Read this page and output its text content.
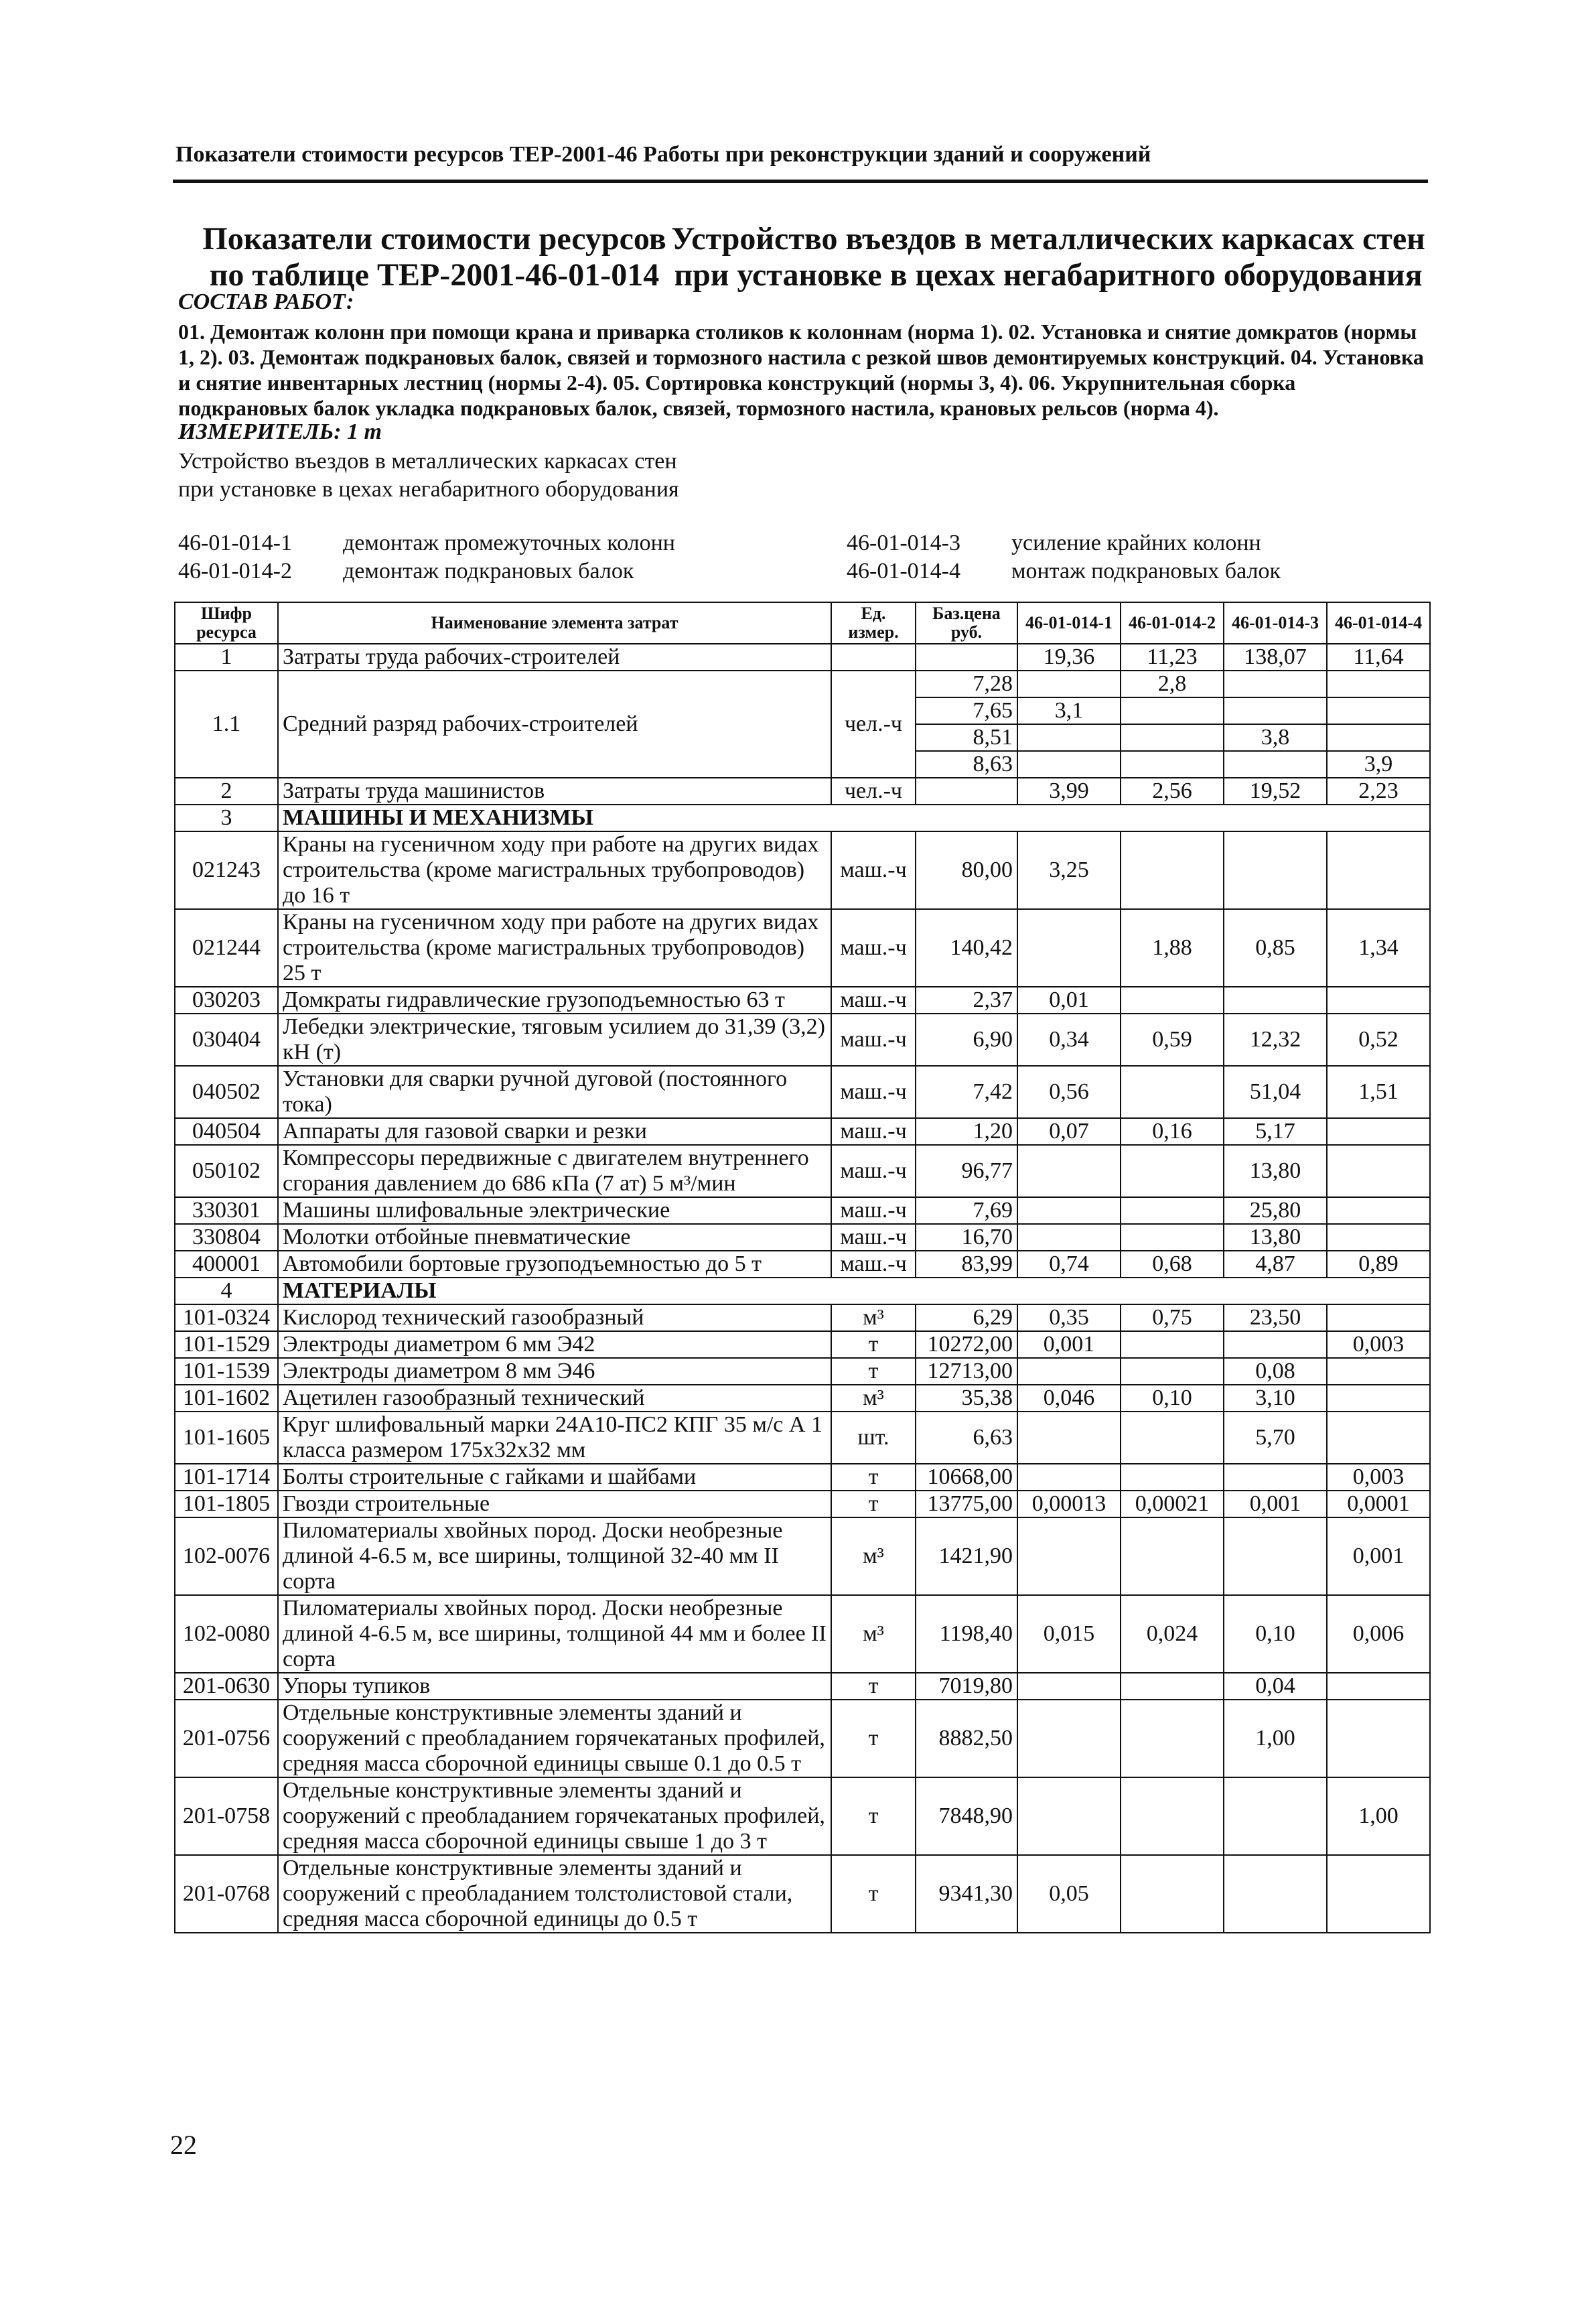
Показатели стоимости ресурсов ТЕР-2001-46 Работы при реконструкции зданий и сооружений
Показатели стоимости ресурсов по таблице ТЕР-2001-46-01-014
Устройство въездов в металлических каркасах стен при установке в цехах негабаритного оборудования
СОСТАВ РАБОТ:
01. Демонтаж колонн при помощи крана и приварка столиков к колоннам (норма 1). 02. Установка и снятие домкратов (нормы 1, 2). 03. Демонтаж подкрановых балок, связей и тормозного настила с резкой швов демонтируемых конструкций. 04. Установка и снятие инвентарных лестниц (нормы 2-4). 05. Сортировка конструкций (нормы 3, 4). 06. Укрупнительная сборка подкрановых балок укладка подкрановых балок, связей, тормозного настила, крановых рельсов (норма 4).
ИЗМЕРИТЕЛЬ: 1 т
Устройство въездов в металлических каркасах стен при установке в цехах негабаритного оборудования
46-01-014-1 демонтаж промежуточных колонн
46-01-014-2 демонтаж подкрановых балок
46-01-014-3 усиление крайних колонн
46-01-014-4 монтаж подкрановых балок
Шифр ресурса	Наименование элемента затрат	Ед. измер.	Баз.цена руб.	46-01-014-1	46-01-014-2	46-01-014-3	46-01-014-4
1	Затраты труда рабочих-строителей			19,36	11,23	138,07	11,64
1.1	Средний разряд рабочих-строителей	чел.-ч	7,28		2,8		
			7,65	3,1			
			8,51			3,8	
			8,63				3,9
2	Затраты труда машинистов	чел.-ч		3,99	2,56	19,52	2,23
3	МАШИНЫ И МЕХАНИЗМЫ						
021243	Краны на гусеничном ходу при работе на других видах строительства (кроме магистральных трубопроводов) до 16 т	маш.-ч	80,00	3,25			
021244	Краны на гусеничном ходу при работе на других видах строительства (кроме магистральных трубопроводов) 25 т	маш.-ч	140,42		1,88	0,85	1,34
030203	Домкраты гидравлические грузоподъемностью 63 т	маш.-ч	2,37	0,01			
030404	Лебедки электрические, тяговым усилием до 31,39 (3,2) кН (т)	маш.-ч	6,90	0,34	0,59	12,32	0,52
040502	Установки для сварки ручной дуговой (постоянного тока)	маш.-ч	7,42	0,56		51,04	1,51
040504	Аппараты для газовой сварки и резки	маш.-ч	1,20	0,07	0,16	5,17	
050102	Компрессоры передвижные с двигателем внутреннего сгорания давлением до 686 кПа (7 ат) 5 м³/мин	маш.-ч	96,77			13,80	
330301	Машины шлифовальные электрические	маш.-ч	7,69			25,80	
330804	Молотки отбойные пневматические	маш.-ч	16,70			13,80	
400001	Автомобили бортовые грузоподъемностью до 5 т	маш.-ч	83,99	0,74	0,68	4,87	0,89
4	МАТЕРИАЛЫ						
101-0324	Кислород технический газообразный	м³	6,29	0,35	0,75	23,50	
101-1529	Электроды диаметром 6 мм Э42	т	10272,00	0,001			0,003
101-1539	Электроды диаметром 8 мм Э46	т	12713,00			0,08	
101-1602	Ацетилен газообразный технический	м³	35,38	0,046	0,10	3,10	
101-1605	Круг шлифовальный марки 24А10-ПС2 КПГ 35 м/с А 1 класса размером 175х32х32 мм	шт.	6,63			5,70	
101-1714	Болты строительные с гайками и шайбами	т	10668,00				0,003
101-1805	Гвозди строительные	т	13775,00	0,00013	0,00021	0,001	0,0001
102-0076	Пиломатериалы хвойных пород. Доски необрезные длиной 4-6.5 м, все ширины, толщиной 32-40 мм II сорта	м³	1421,90				0,001
102-0080	Пиломатериалы хвойных пород. Доски необрезные длиной 4-6.5 м, все ширины, толщиной 44 мм и более II сорта	м³	1198,40	0,015	0,024	0,10	0,006
201-0630	Упоры тупиков	т	7019,80			0,04	
201-0756	Отдельные конструктивные элементы зданий и сооружений с преобладанием горячекатаных профилей, средняя масса сборочной единицы свыше 0.1 до 0.5 т	т	8882,50			1,00	
201-0758	Отдельные конструктивные элементы зданий и сооружений с преобладанием горячекатаных профилей, средняя масса сборочной единицы свыше 1 до 3 т	т	7848,90				1,00
201-0768	Отдельные конструктивные элементы зданий и сооружений с преобладанием толстолистовой стали, средняя масса сборочной единицы до 0.5 т	т	9341,30	0,05			
22
